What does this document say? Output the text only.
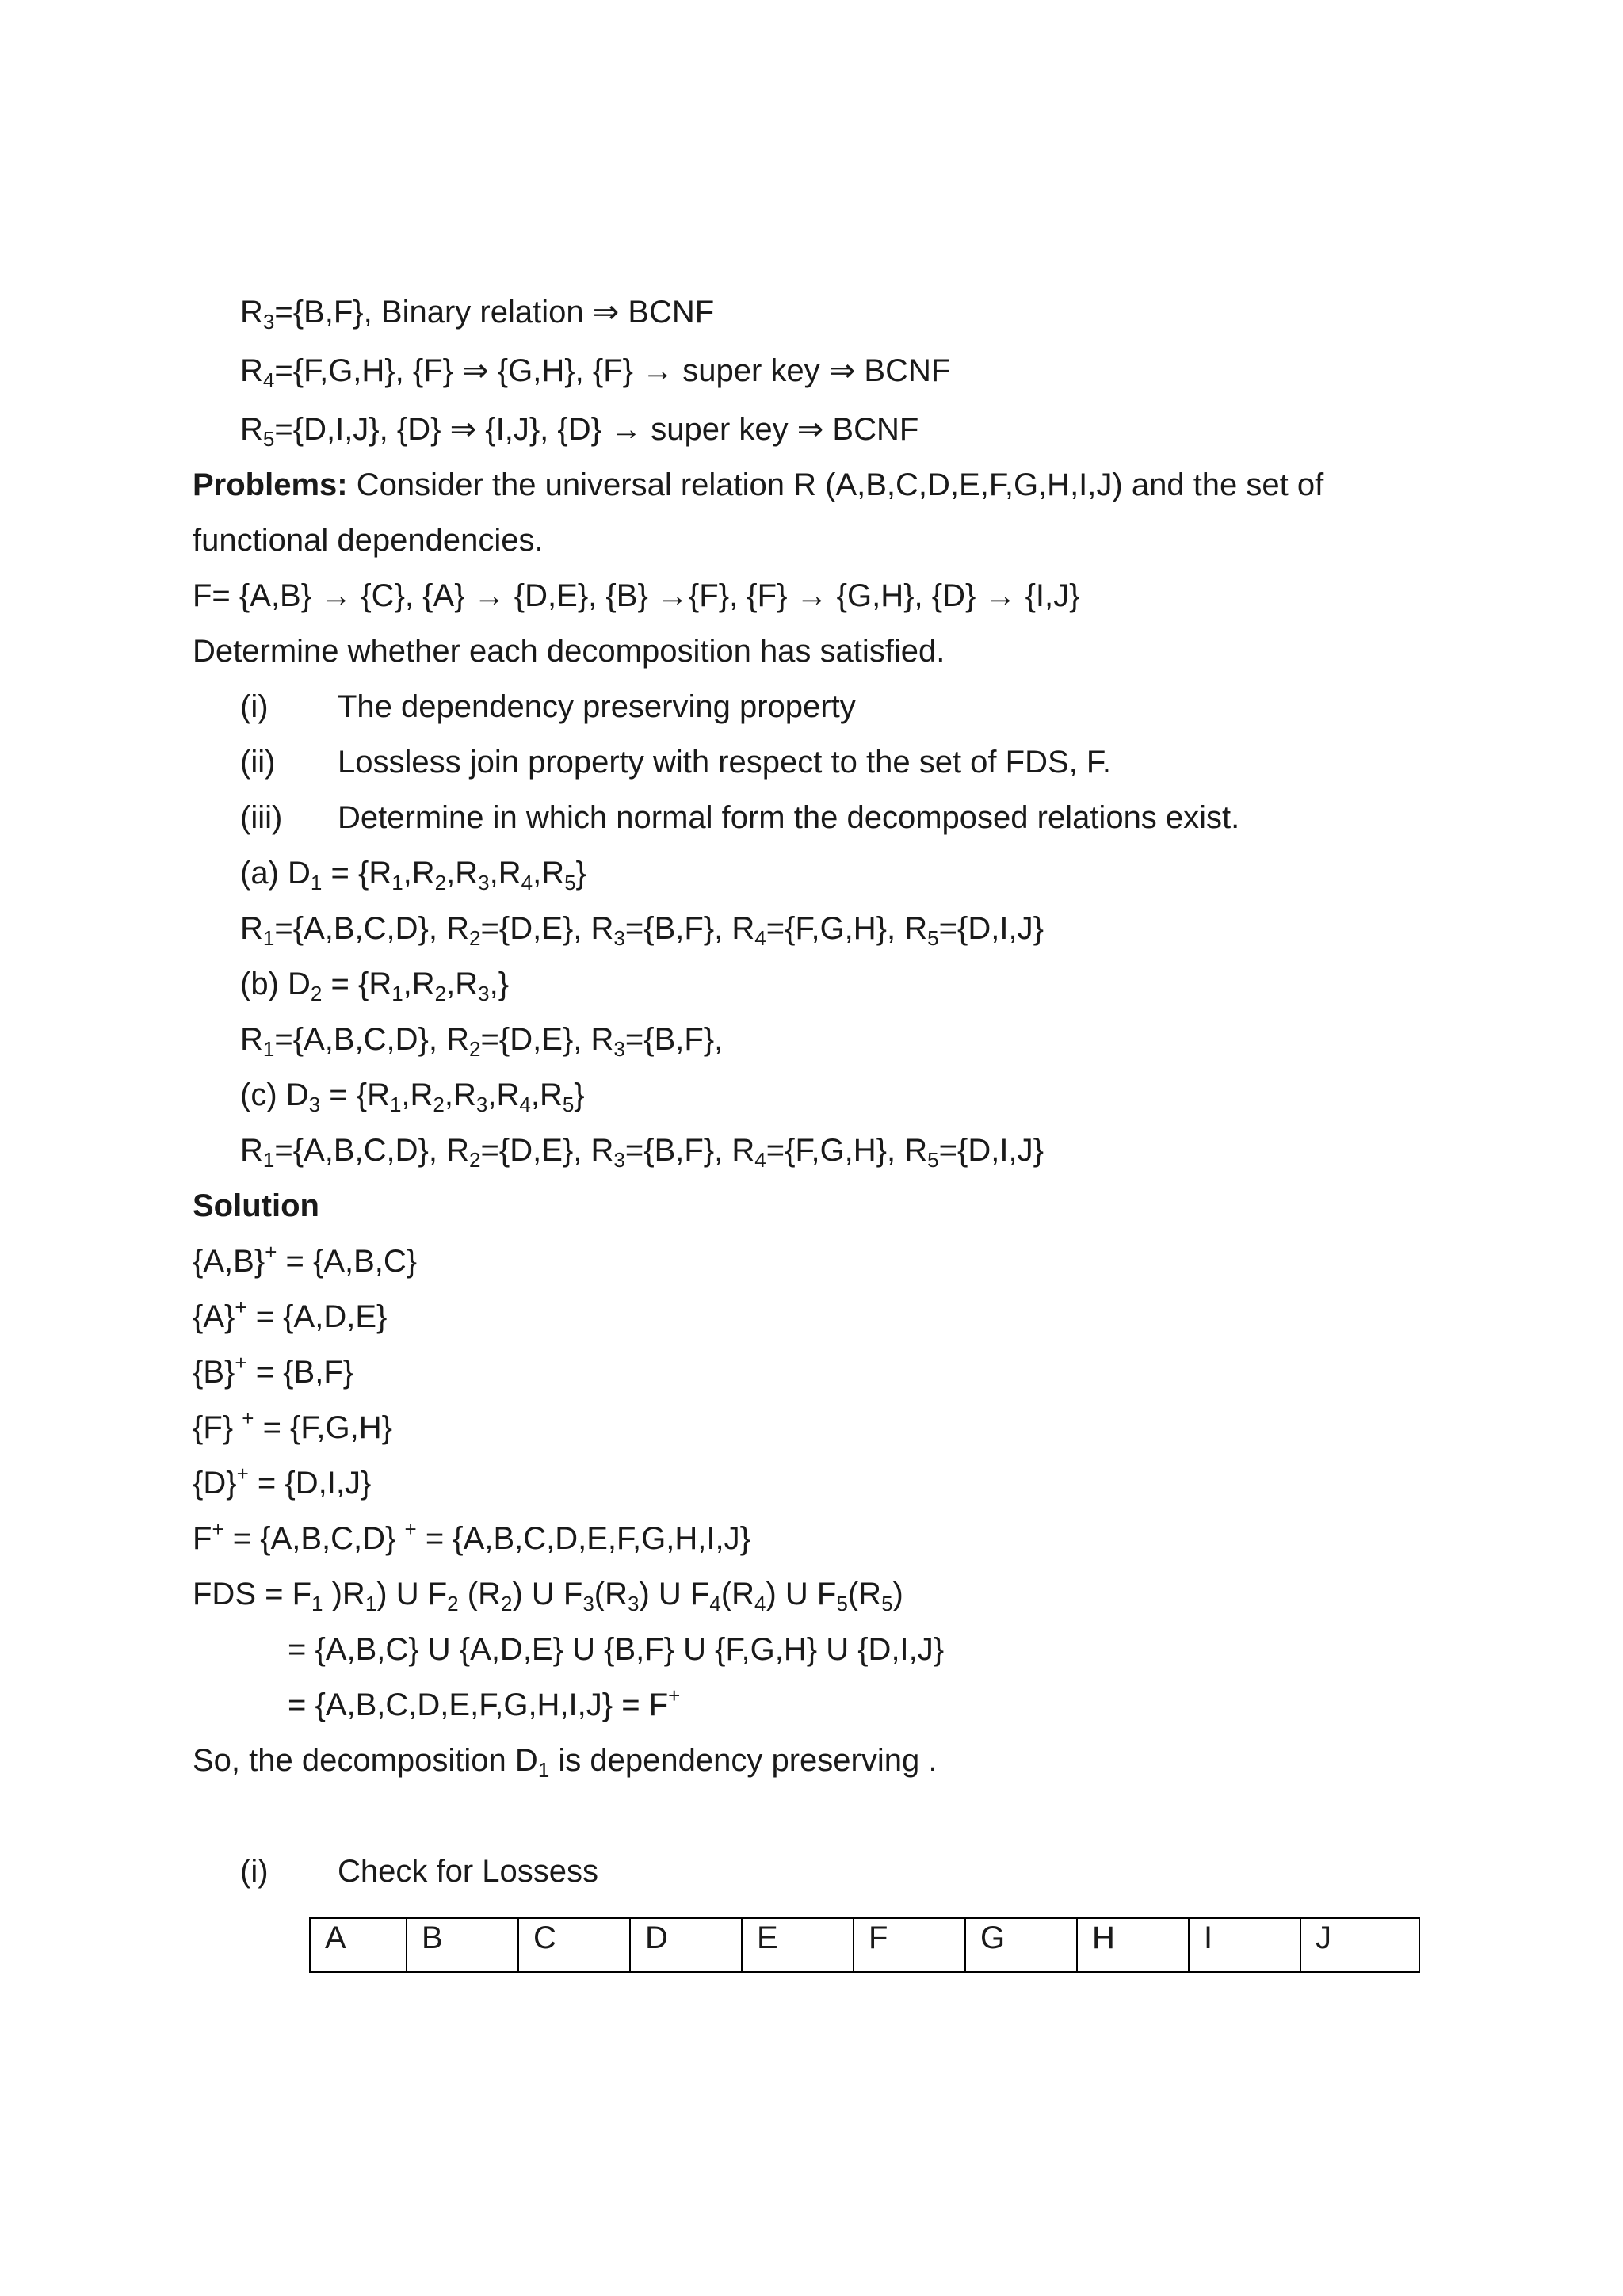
$R_3=\{B,F\}$, Binary relation ⇒ BCNF
$R_4=\{F,G,H\}$, {F} ⇒ {G,H}, {F} → super key ⇒ BCNF
$R_5=\{D,I,J\}$, {D} ⇒ {I,J}, {D} → super key ⇒ BCNF
Problems: Consider the universal relation R (A,B,C,D,E,F,G,H,I,J) and the set of
functional dependencies.
F= {A,B} → {C}, {A} → {D,E}, {B} →{F}, {F} → {G,H}, {D} → {I,J}
Determine whether each decomposition has satisfied.
(i) The dependency preserving property
(ii) Lossless join property with respect to the set of FDS, F.
(iii) Determine in which normal form the decomposed relations exist.
(a) $D_1 = \{R_1,R_2,R_3,R_4,R_5\}$
$R_1=\{A,B,C,D\}$, $R_2=\{D,E\}$, $R_3=\{B,F\}$, $R_4=\{F,G,H\}$, $R_5=\{D,I,J\}$
(b) $D_2 = \{R_1,R_2,R_3,\}$
$R_1=\{A,B,C,D\}$, $R_2=\{D,E\}$, $R_3=\{B,F\}$,
(c) $D_3 = \{R_1,R_2,R_3,R_4,R_5\}$
$R_1=\{A,B,C,D\}$, $R_2=\{D,E\}$, $R_3=\{B,F\}$, $R_4=\{F,G,H\}$, $R_5=\{D,I,J\}$
Solution
{A,B}+ = {A,B,C}
{A}+ = {A,D,E}
{B}+ = {B,F}
{F} + = {F,G,H}
{D}+ = {D,I,J}
F+ = {A,B,C,D} + = {A,B,C,D,E,F,G,H,I,J}
FDS = $F_1$ )$R_1$) U $F_2$ $(R_2)$ U $F_3(R_3)$ U $F_4(R_4)$ U $F_5(R_5)$
= {A,B,C} U {A,D,E} U {B,F} U {F,G,H} U {D,I,J}
= {A,B,C,D,E,F,G,H,I,J} = F+
So, the decomposition $D_1$ is dependency preserving .
(i) Check for Lossess
A	B	C	D	E	F	G	H	I	J
